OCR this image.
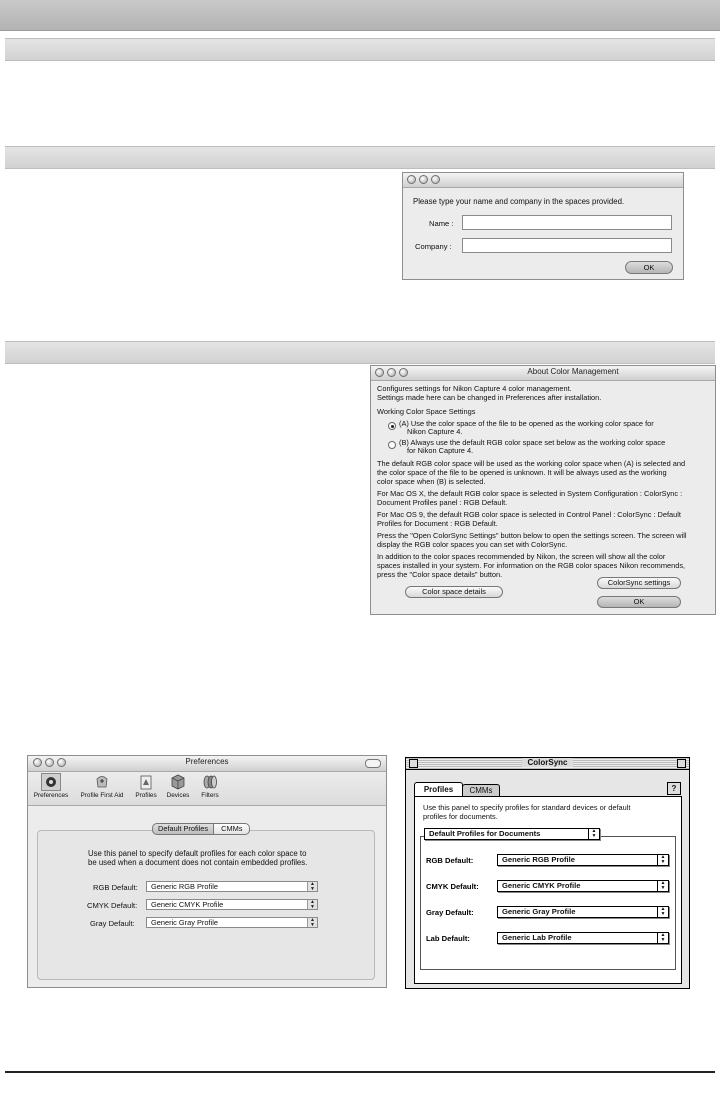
Please type your name and company in the spaces provided.
Name :
Company :
OK
About Color Management
Configures settings for Nikon Capture 4 color management.
Settings made here can be changed in Preferences after installation.
Working Color Space Settings
(A) Use the color space of the file to be opened as the working color space for
Nikon Capture 4.
(B) Always use the default RGB color space set below as the working color space
for Nikon Capture 4.
The default RGB color space will be used as the working color space when (A) is selected and
the color space of the file to be opened is unknown. It will be always used as the working
color space when (B) is selected.
For Mac OS X, the default RGB color space is selected in System Configuration : ColorSync :
Document Profiles panel : RGB Default.
For Mac OS 9, the default RGB color space is selected in Control Panel : ColorSync : Default
Profiles for Document : RGB Default.
Press the "Open ColorSync Settings" button below to open the settings screen. The screen will
display the RGB color spaces you can set with ColorSync.
In addition to the color spaces recommended by Nikon, the screen will show all the color
spaces installed in your system. For information on the RGB color spaces Nikon recommends,
press the "Color space details" button.
Color space details
ColorSync settings
OK
Preferences
Preferences	Profile First Aid	Profiles	Devices	Filters
Default Profiles	CMMs
Use this panel to specify default profiles for each color space to
be used when a document does not contain embedded profiles.
RGB Default:	Generic RGB Profile	▲
▼
CMYK Default:	Generic CMYK Profile	▲
▼
Gray Default:	Generic Gray Profile	▲
▼
ColorSync
Profiles	CMMs	?
Use this panel to specify profiles for standard devices or default
profiles for documents.
Default Profiles for Documents	▲
▼
RGB Default:	Generic RGB Profile	▲
▼
CMYK Default:	Generic CMYK Profile	▲
▼
Gray Default:	Generic Gray Profile	▲
▼
Lab Default:	Generic Lab Profile	▲
▼
